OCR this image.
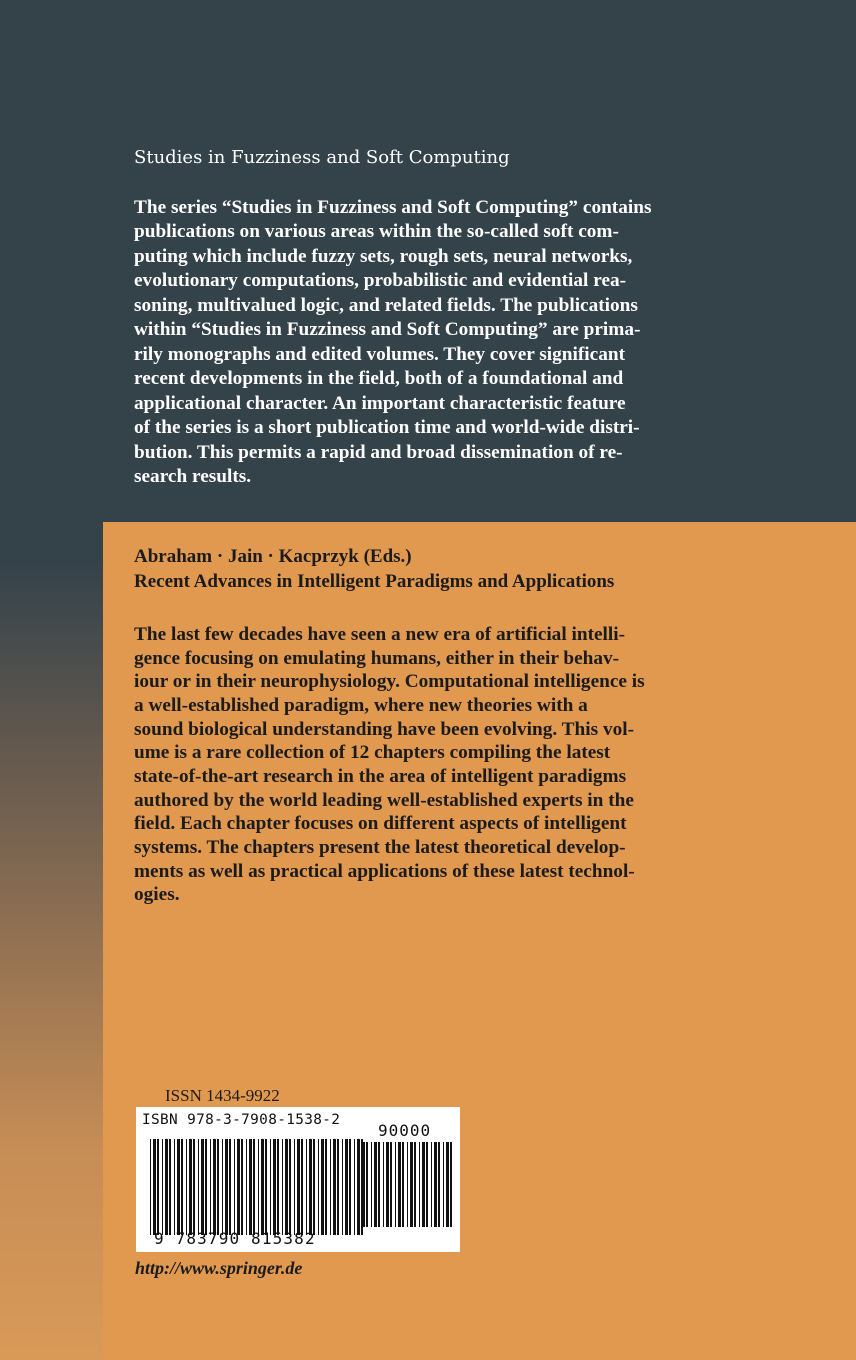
Studies in Fuzziness and Soft Computing

The series “Studies in Fuzziness and Soft Computing” contains
publications on various areas within the so-called soft com-
puting which include fuzzy sets, rough sets, neural networks,
evolutionary computations, probabilistic and evidential rea-
soning, multivalued logic, and related fields. The publications
within “Studies in Fuzziness and Soft Computing” are prima-
rily monographs and edited volumes. They cover significant
recent developments in the field, both of a foundational and
applicational character. An important characteristic feature
of the series is a short publication time and world-wide distri-
bution. This permits a rapid and broad dissemination of re-
search results.

Abraham · Jain · Kacprzyk (Eds.)

Recent Advances in Intelligent Paradigms and Applications

The last few decades have seen a new era of artificial intelli-
gence focusing on emulating humans, either in their behav-
iour or in their neurophysiology. Computational intelligence is
a well-established paradigm, where new theories with a
sound biological understanding have been evolving. This vol-
ume is a rare collection of 12 chapters compiling the latest
state-of-the-art research in the area of intelligent paradigms
authored by the world leading well-established experts in the
field. Each chapter focuses on different aspects of intelligent
systems. The chapters present the latest theoretical develop-
ments as well as practical applications of these latest technol-
ogies.

ISSN 1434-9922

ISBN 978-3-7908-1538-2

90000

9 783790 815382

http://www.springer.de
